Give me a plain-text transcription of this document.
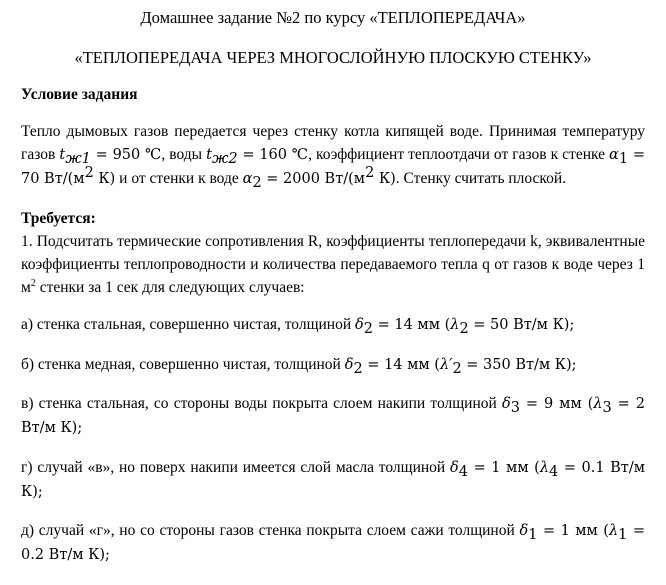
Домашнее задание №2 по курсу «ТЕПЛОПЕРЕДАЧА»

«ТЕПЛОПЕРЕДАЧА ЧЕРЕЗ МНОГОСЛОЙНУЮ ПЛОСКУЮ СТЕНКУ»

Условие задания

Тепло дымовых газов передается через стенку котла кипящей воде. Принимая температуру газов $t_{ж1} = 950$ ℃, воды $t_{ж2} = 160$ ℃, коэффициент теплоотдачи от газов к стенке $\alpha_1 = 70$ $Вт/(м^2$ К) и от стенки к воде $\alpha_2 = 2000$ $Вт/(м^2$ К). Стенку считать плоской.

Требуется:

1. Подсчитать термические сопротивления R, коэффициенты теплопередачи k, эквивалентные коэффициенты теплопроводности и количества передаваемого тепла q от газов к воде через 1 $м^2$ стенки за 1 сек для следующих случаев:

а) стенка стальная, совершенно чистая, толщиной $\delta_2 = 14$ мм ($\lambda_2 = 50$ Вт/м К);

б) стенка медная, совершенно чистая, толщиной $\delta_2 = 14$ мм ($\lambda'_2 = 350$ Вт/м К);

в) стенка стальная, со стороны воды покрыта слоем накипи толщиной $\delta_3 = 9$ мм ($\lambda_3 = 2$ Вт/м К);

г) случай «в», но поверх накипи имеется слой масла толщиной $\delta_4 = 1$ мм ($\lambda_4 = 0.1$ Вт/м К);

д) случай «г», но со стороны газов стенка покрыта слоем сажи толщиной $\delta_1 = 1$ мм ($\lambda_1 = 0.2$ Вт/м К);
